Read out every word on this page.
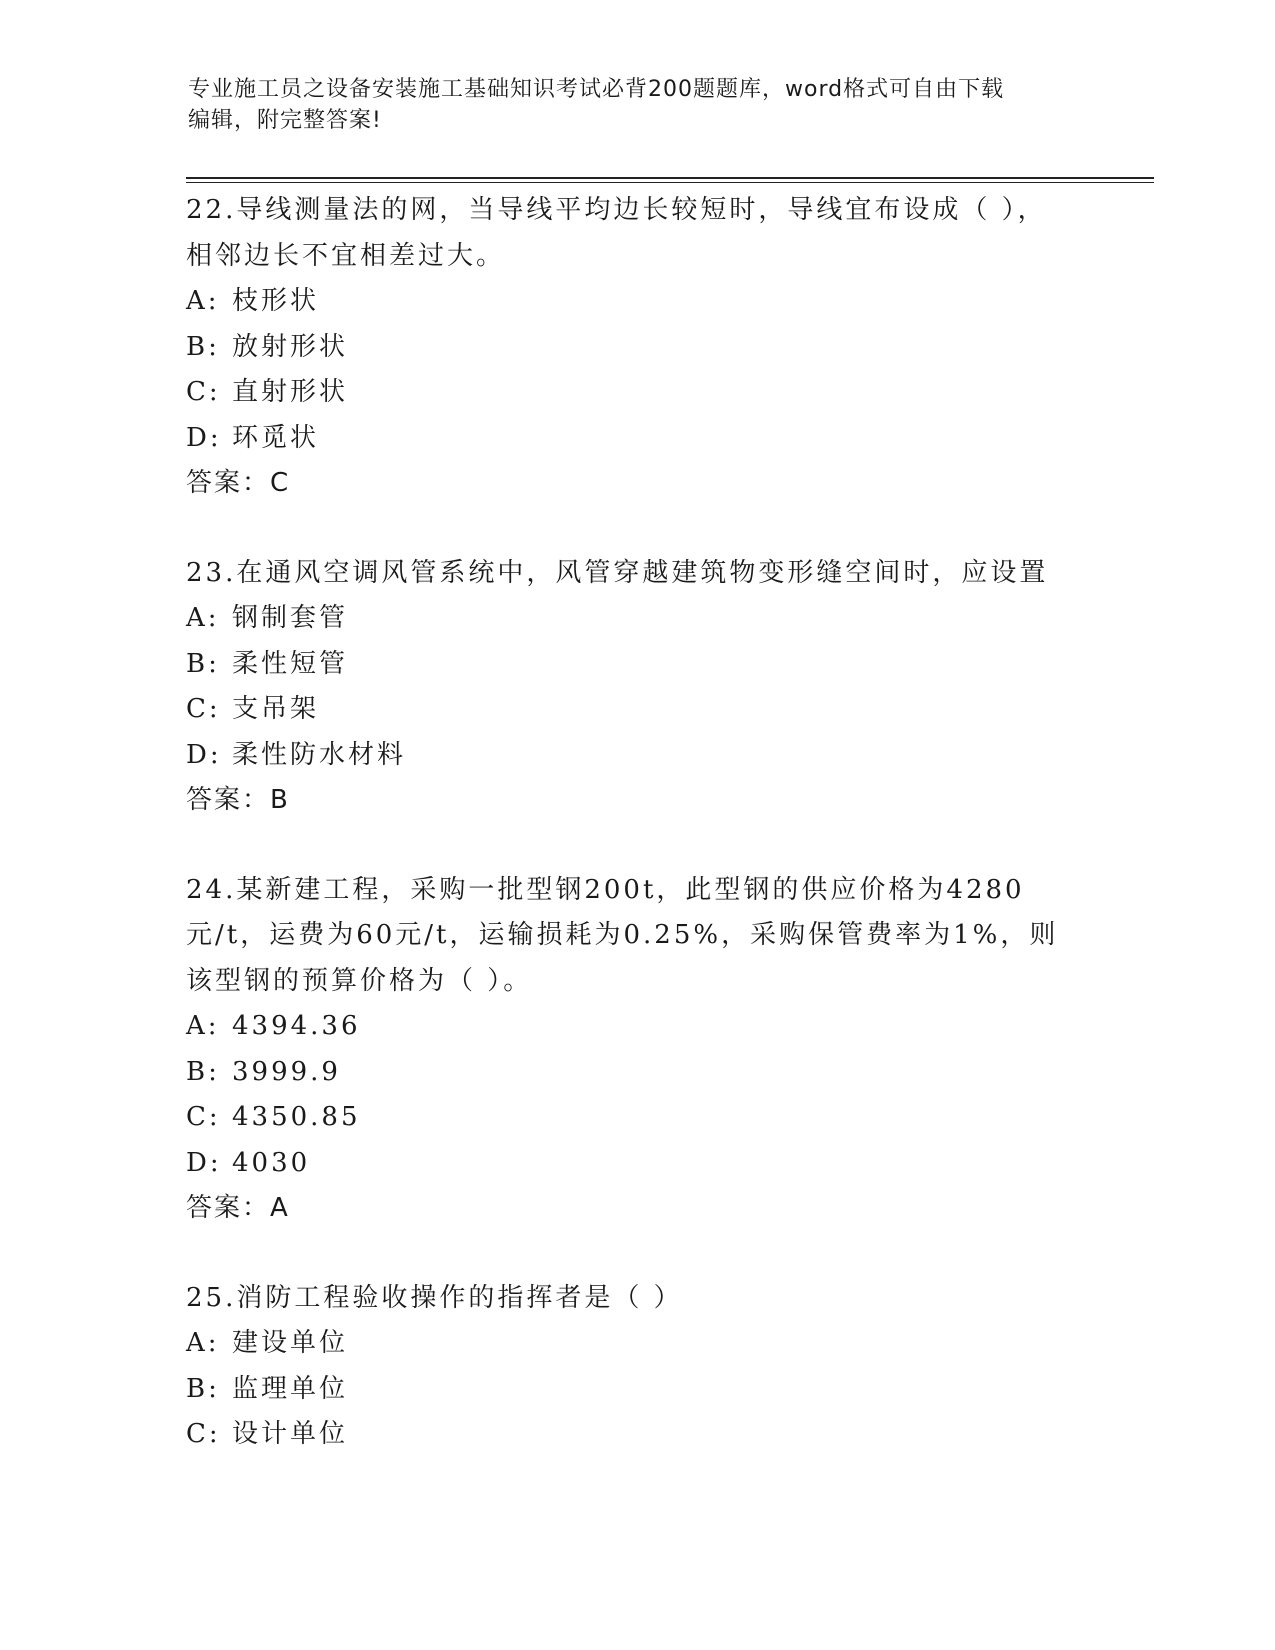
专业施工员之设备安装施工基础知识考试必背200题题库，word格式可自由下载
编辑，附完整答案!

22.导线测量法的网，当导线平均边长较短时，导线宜布设成（ ），相邻边长不宜相差过大。

A: 枝形状

B: 放射形状

C: 直射形状

D: 环觅状

答案：C

23.在通风空调风管系统中，风管穿越建筑物变形缝空间时，应设置

A: 钢制套管

B: 柔性短管

C: 支吊架

D: 柔性防水材料

答案：B

24.某新建工程，采购一批型钢200t，此型钢的供应价格为4280元/t，运费为60元/t，运输损耗为0.25%，采购保管费率为1%，则该型钢的预算价格为（ ）。

A: 4394.36

B: 3999.9

C: 4350.85

D: 4030

答案：A

25.消防工程验收操作的指挥者是（ ）

A: 建设单位

B: 监理单位

C: 设计单位
